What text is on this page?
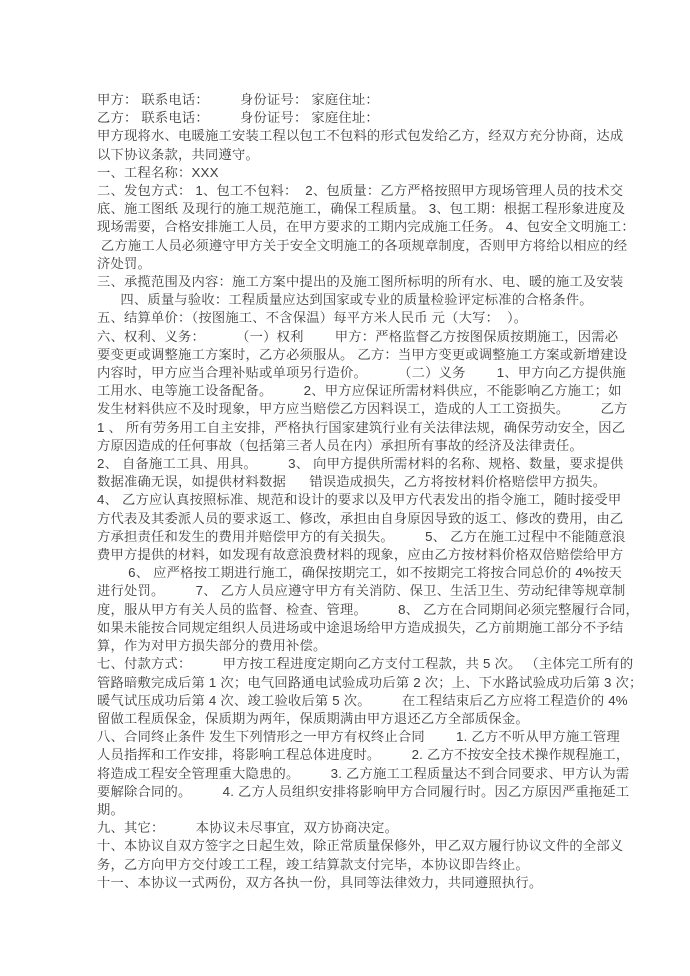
甲方： 联系电话：        身份证号： 家庭住址：
乙方： 联系电话：        身份证号： 家庭住址：
甲方现将水、电暖施工安装工程以包工不包料的形式包发给乙方，经双方充分协商，达成
以下协议条款，共同遵守。
一、工程名称：XXX
二、发包方式： 1、包工不包料：  2、包质量：乙方严格按照甲方现场管理人员的技术交
底、施工图纸 及现行的施工规范施工，确保工程质量。 3、包工期：根据工程形象进度及
现场需要，合格安排施工人员，在甲方要求的工期内完成施工任务。 4、包安全文明施工：
乙方施工人员必须遵守甲方关于安全文明施工的各项规章制度，否则甲方将给以相应的经
济处罚。
三、承揽范围及内容：施工方案中提出的及施工图所标明的所有水、电、暖的施工及安装
四、质量与验收：工程质量应达到国家或专业的质量检验评定标准的合格条件。
五、结算单价：（按图施工、不含保温）每平方米人民币 元（大写：  ）。
六、权利、义务：        （一）权利        甲方：严格监督乙方按图保质按期施工，因需必
要变更或调整施工方案时，乙方必须服从。 乙方：当甲方变更或调整施工方案或新增建设
内容时，甲方应当合理补贴或单项另行造价。        （二）义务        1、甲方向乙方提供施
工用水、电等施工设备配备。        2、甲方应保证所需材料供应，不能影响乙方施工；如
发生材料供应不及时现象，甲方应当赔偿乙方因料误工，造成的人工工资损失。        乙方
1 、 所有劳务用工自主安排，严格执行国家建筑行业有关法律法规，确保劳动安全，因乙
方原因造成的任何事故（包括第三者人员在内）承担所有事故的经济及法律责任。
2、 自备施工工具、用具。        3、 向甲方提供所需材料的名称、规格、数量，要求提供
数据准确无误，如提供材料数据      错误造成损失，乙方将按材料价格赔偿甲方损失。
4、 乙方应认真按照标准、规范和设计的要求以及甲方代表发出的指令施工，随时接受甲
方代表及其委派人员的要求返工、修改，承担由自身原因导致的返工、修改的费用，由乙
方承担责任和发生的费用并赔偿甲方的有关损失。        5、 乙方在施工过程中不能随意浪
费甲方提供的材料，如发现有故意浪费材料的现象，应由乙方按材料价格双倍赔偿给甲方
6、 应严格按工期进行施工，确保按期完工，如不按期完工将按合同总价的 4%按天
进行处罚。        7、 乙方人员应遵守甲方有关消防、保卫、生活卫生、劳动纪律等规章制
度，服从甲方有关人员的监督、检查、管理。        8、 乙方在合同期间必须完整履行合同，
如果未能按合同规定组织人员进场或中途退场给甲方造成损失，乙方前期施工部分不予结
算，作为对甲方损失部分的费用补偿。
七、付款方式：        甲方按工程进度定期向乙方支付工程款，共 5 次。 （主体完工所有的
管路暗敷完成后第 1 次；电气回路通电试验成功后第 2 次；上、下水路试验成功后第 3 次；
暖气试压成功后第 4 次、竣工验收后第 5 次。        在工程结束后乙方应将工程造价的 4%
留做工程质保金，保质期为两年，保质期满由甲方退还乙方全部质保金。
八、合同终止条件 发生下列情形之一甲方有权终止合同        1. 乙方不听从甲方施工管理
人员指挥和工作安排，将影响工程总体进度时。        2. 乙方不按安全技术操作规程施工，
将造成工程安全管理重大隐患的。        3. 乙方施工工程质量达不到合同要求、甲方认为需
要解除合同的。        4. 乙方人员组织安排将影响甲方合同履行时。因乙方原因严重拖延工
期。
九、其它：        本协议未尽事宜，双方协商决定。
十、本协议自双方签字之日起生效，除正常质量保修外，甲乙双方履行协议文件的全部义
务，乙方向甲方交付竣工工程，竣工结算款支付完毕，本协议即告终止。
十一、本协议一式两份，双方各执一份，具同等法律效力，共同遵照执行。
